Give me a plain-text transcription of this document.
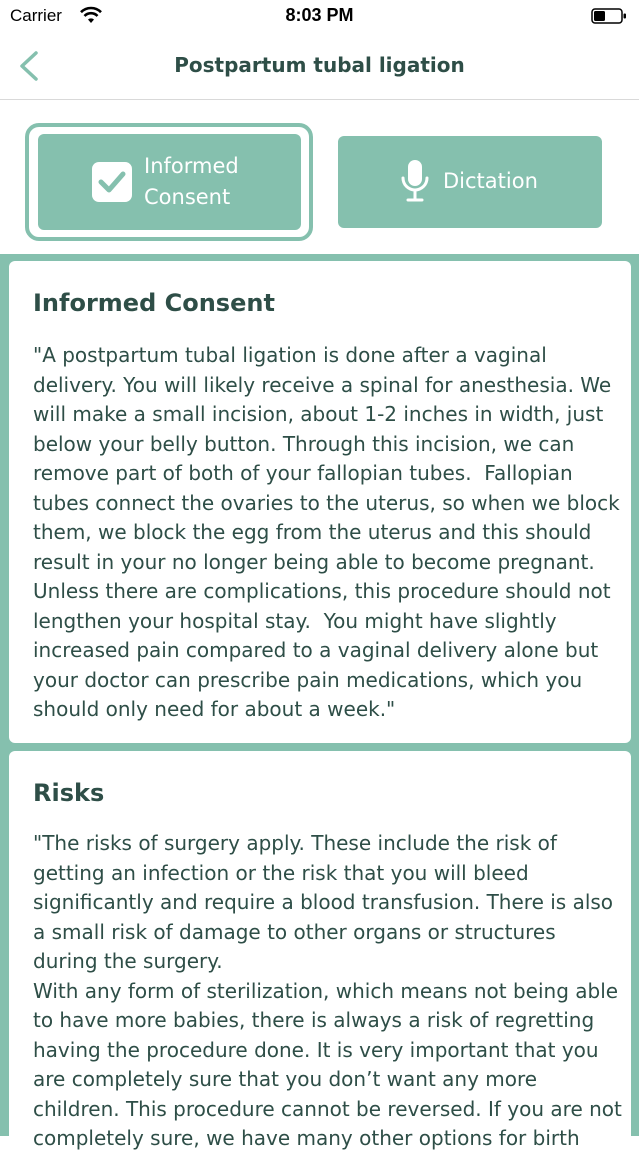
Carrier	8:03 PM
Postpartum tubal ligation
Informed
Consent
Dictation
Informed Consent
"A postpartum tubal ligation is done after a vaginal delivery. You will likely receive a spinal for anesthesia. We will make a small incision, about 1-2 inches in width, just below your belly button. Through this incision, we can remove part of both of your fallopian tubes.  Fallopian tubes connect the ovaries to the uterus, so when we block them, we block the egg from the uterus and this should result in your no longer being able to become pregnant. Unless there are complications, this procedure should not lengthen your hospital stay.  You might have slightly increased pain compared to a vaginal delivery alone but your doctor can prescribe pain medications, which you should only need for about a week."
Risks
"The risks of surgery apply. These include the risk of getting an infection or the risk that you will bleed significantly and require a blood transfusion. There is also a small risk of damage to other organs or structures during the surgery.
With any form of sterilization, which means not being able to have more babies, there is always a risk of regretting having the procedure done. It is very important that you are completely sure that you don’t want any more children. This procedure cannot be reversed. If you are not completely sure, we have many other options for birth
